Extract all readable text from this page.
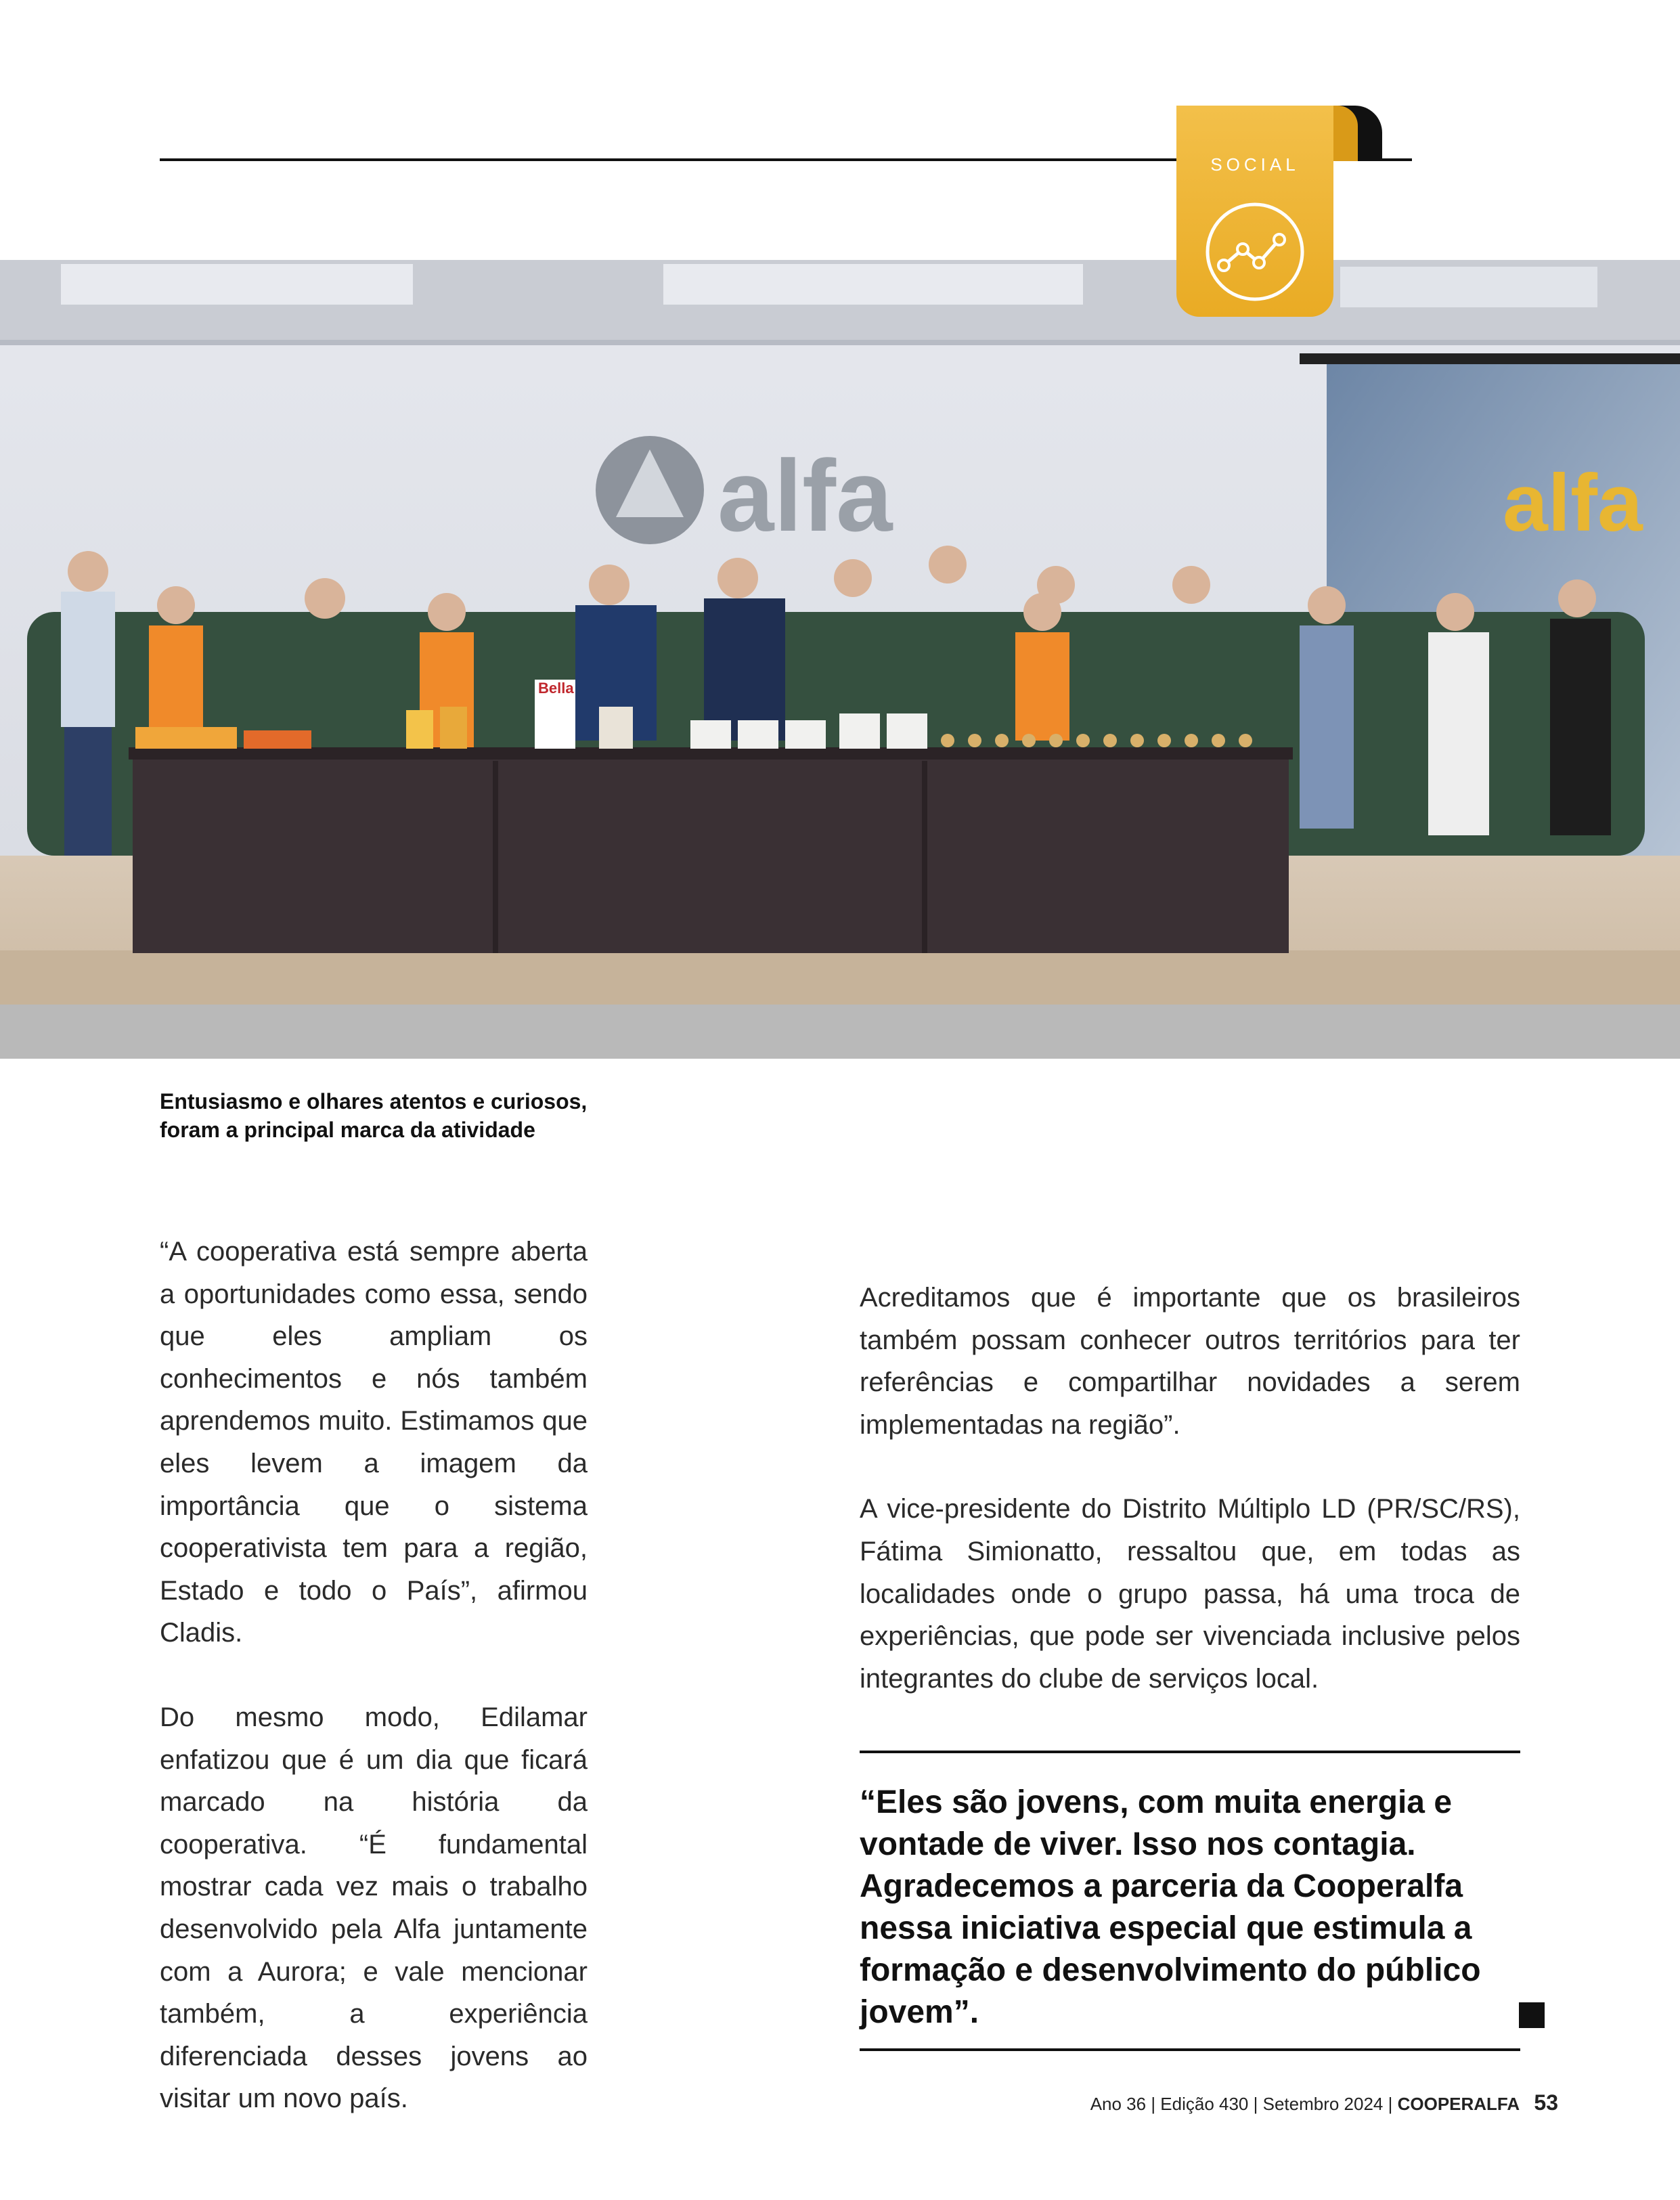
SOCIAL
alfa
alfa
Bella
Entusiasmo e olhares atentos e curiosos,
foram a principal marca da atividade

“A cooperativa está sempre aberta a oportunidades como essa, sendo que eles ampliam os conhecimentos e nós também aprendemos muito. Estimamos que eles levem a imagem da importância que o sistema cooperativista tem para a região, Estado e todo o País”, afirmou Cladis.

Do mesmo modo, Edilamar enfatizou que é um dia que ficará marcado na história da cooperativa. “É fundamental mostrar cada vez mais o trabalho desenvolvido pela Alfa juntamente com a Aurora; e vale mencionar também, a experiência diferenciada desses jovens ao visitar um novo país.

Acreditamos que é importante que os brasileiros também possam conhecer outros territórios para ter referências e compartilhar novidades a serem implementadas na região”.

A vice-presidente do Distrito Múltiplo LD (PR/SC/RS), Fátima Simionatto, ressaltou que, em todas as localidades onde o grupo passa, há uma troca de experiências, que pode ser vivenciada inclusive pelos integrantes do clube de serviços local.

“Eles são jovens, com muita energia e vontade de viver. Isso nos contagia. Agradecemos a parceria da Cooperalfa nessa iniciativa especial que estimula a formação e desenvolvimento do público jovem”.
Ano 36 | Edição 430 | Setembro 2024 | COOPERALFA 53
